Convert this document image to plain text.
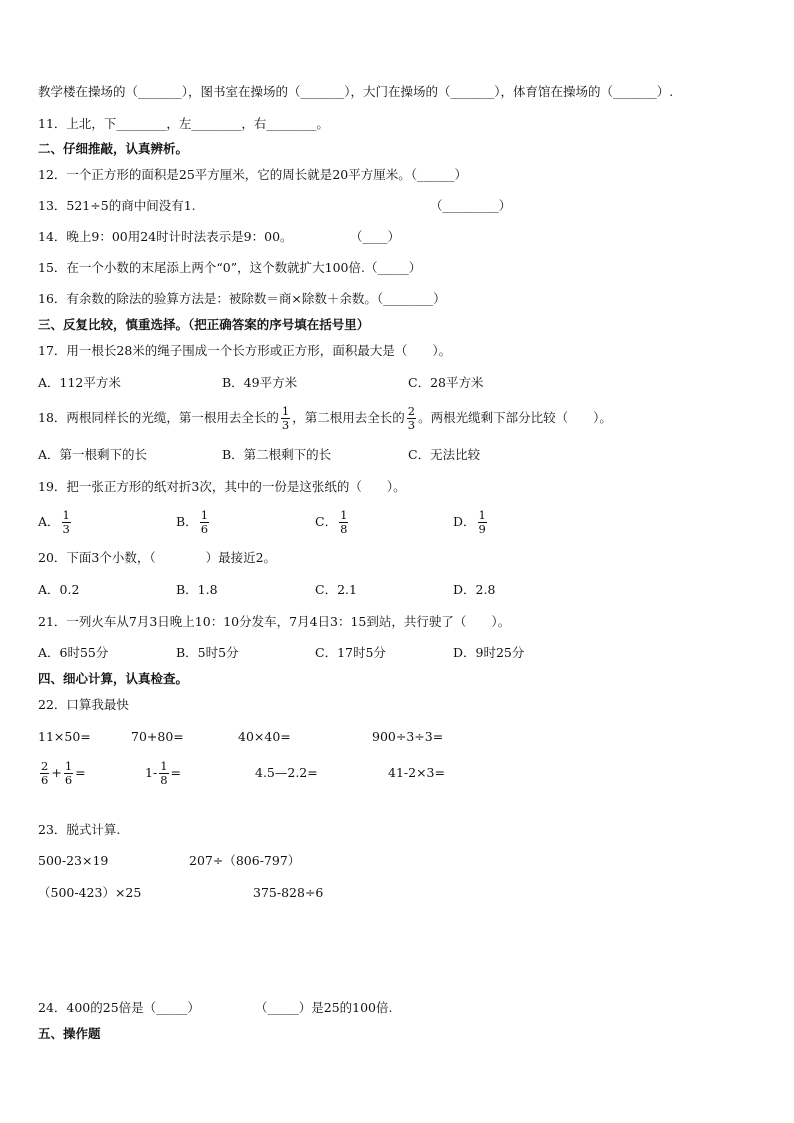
教学楼在操场的（_______），图书室在操场的（_______），大门在操场的（_______），体育馆在操场的（_______）.
11．上北，下________，左________，右________。
二、仔细推敲，认真辨析。
12．一个正方形的面积是25平方厘米，它的周长就是20平方厘米。（______）
13．521÷5的商中间没有1.	（_________）
14．晚上9：00用24时计时法表示是9：00。	（____）
15．在一个小数的末尾添上两个“0”，这个数就扩大100倍.（_____）
16．有余数的除法的验算方法是：被除数＝商×除数＋余数。（________）
三、反复比较，慎重选择。（把正确答案的序号填在括号里）
17．用一根长28米的绳子围成一个长方形或正方形，面积最大是（　　）。
A．112平方米	B．49平方米	C．28平方米
18．两根同样长的光缆，第一根用去全长的 $\frac{1}{3}$ ，第二根用去全长的 $\frac{2}{3}$ 。两根光缆剩下部分比较（　　）。
A．第一根剩下的长	B．第二根剩下的长	C．无法比较
19．把一张正方形的纸对折3次，其中的一份是这张纸的（　　）。
A． $\frac{1}{3}$	B． $\frac{1}{6}$	C． $\frac{1}{8}$	D． $\frac{1}{9}$
20．下面3个小数，（　　　　）最接近2。
A．0.2	B．1.8	C．2.1	D．2.8
21．一列火车从7月3日晚上10：10分发车，7月4日3：15到站，共行驶了（　　）。
A．6时55分	B．5时5分	C．17时5分	D．9时25分
四、细心计算，认真检查。
22．口算我最快
11×50=	70+80=	40×40=	900÷3÷3=
$\frac{2}{6} + \frac{1}{6}$ =	$1- \frac{1}{8}$ =	4.5—2.2=	41-2×3=
23．脱式计算.
500-23×19	207÷（806-797）
（500-423）×25	375-828÷6
24．400的25倍是（_____）	（_____）是25的100倍.
五、操作题
